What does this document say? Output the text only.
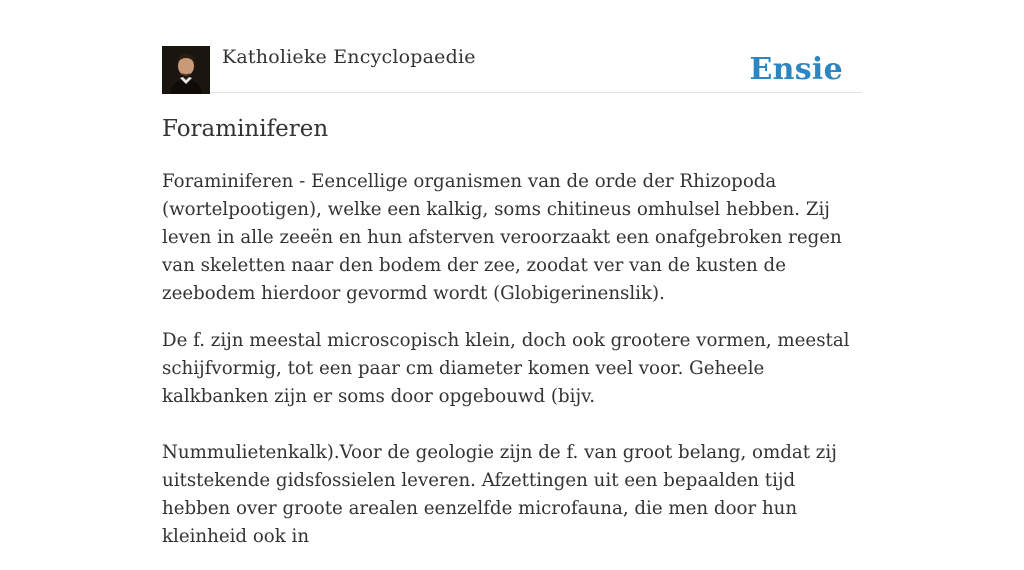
Katholieke Encyclopaedie	Ensie
Foraminiferen

Foraminiferen - Eencellige organismen van de orde der Rhizopoda (wortelpootigen), welke een kalkig, soms chitineus omhulsel hebben. Zij leven in alle zeeën en hun afsterven veroorzaakt een onafgebroken regen van skeletten naar den bodem der zee, zoodat ver van de kusten de zeebodem hierdoor gevormd wordt (Globigerinenslik).

De f. zijn meestal microscopisch klein, doch ook grootere vormen, meestal schijfvormig, tot een paar cm diameter komen veel voor. Geheele kalkbanken zijn er soms door opgebouwd (bijv.

Nummulietenkalk).Voor de geologie zijn de f. van groot belang, omdat zij uitstekende gidsfossielen leveren. Afzettingen uit een bepaalden tijd hebben over groote arealen eenzelfde microfauna, die men door hun kleinheid ook in
